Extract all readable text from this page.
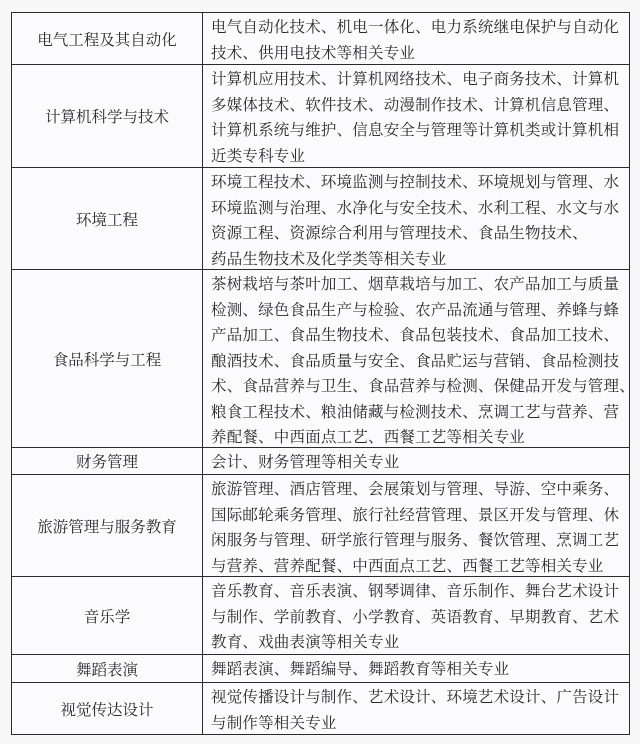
电气工程及其自动化
电气自动化技术、机电一体化、电力系统继电保护与自动化
技术、供用电技术等相关专业
计算机科学与技术
计算机应用技术、计算机网络技术、电子商务技术、计算机
多媒体技术、软件技术、动漫制作技术、计算机信息管理、
计算机系统与维护、信息安全与管理等计算机类或计算机相
近类专科专业
环境工程
环境工程技术、环境监测与控制技术、环境规划与管理、水
环境监测与治理、水净化与安全技术、水利工程、水文与水
资源工程、资源综合利用与管理技术、食品生物技术、
药品生物技术及化学类等相关专业
食品科学与工程
茶树栽培与茶叶加工、烟草栽培与加工、农产品加工与质量
检测、绿色食品生产与检验、农产品流通与管理、养蜂与蜂
产品加工、食品生物技术、食品包装技术、食品加工技术、
酿酒技术、食品质量与安全、食品贮运与营销、食品检测技
术、食品营养与卫生、食品营养与检测、保健品开发与管理、
粮食工程技术、粮油储藏与检测技术、烹调工艺与营养、营
养配餐、中西面点工艺、西餐工艺等相关专业
财务管理	会计、财务管理等相关专业
旅游管理与服务教育
旅游管理、酒店管理、会展策划与管理、导游、空中乘务、
国际邮轮乘务管理、旅行社经营管理、景区开发与管理、休
闲服务与管理、研学旅行管理与服务、餐饮管理、烹调工艺
与营养、营养配餐、中西面点工艺、西餐工艺等相关专业
音乐学
音乐教育、音乐表演、钢琴调律、音乐制作、舞台艺术设计
与制作、学前教育、小学教育、英语教育、早期教育、艺术
教育、戏曲表演等相关专业
舞蹈表演	舞蹈表演、舞蹈编导、舞蹈教育等相关专业
视觉传达设计
视觉传播设计与制作、艺术设计、环境艺术设计、广告设计
与制作等相关专业
